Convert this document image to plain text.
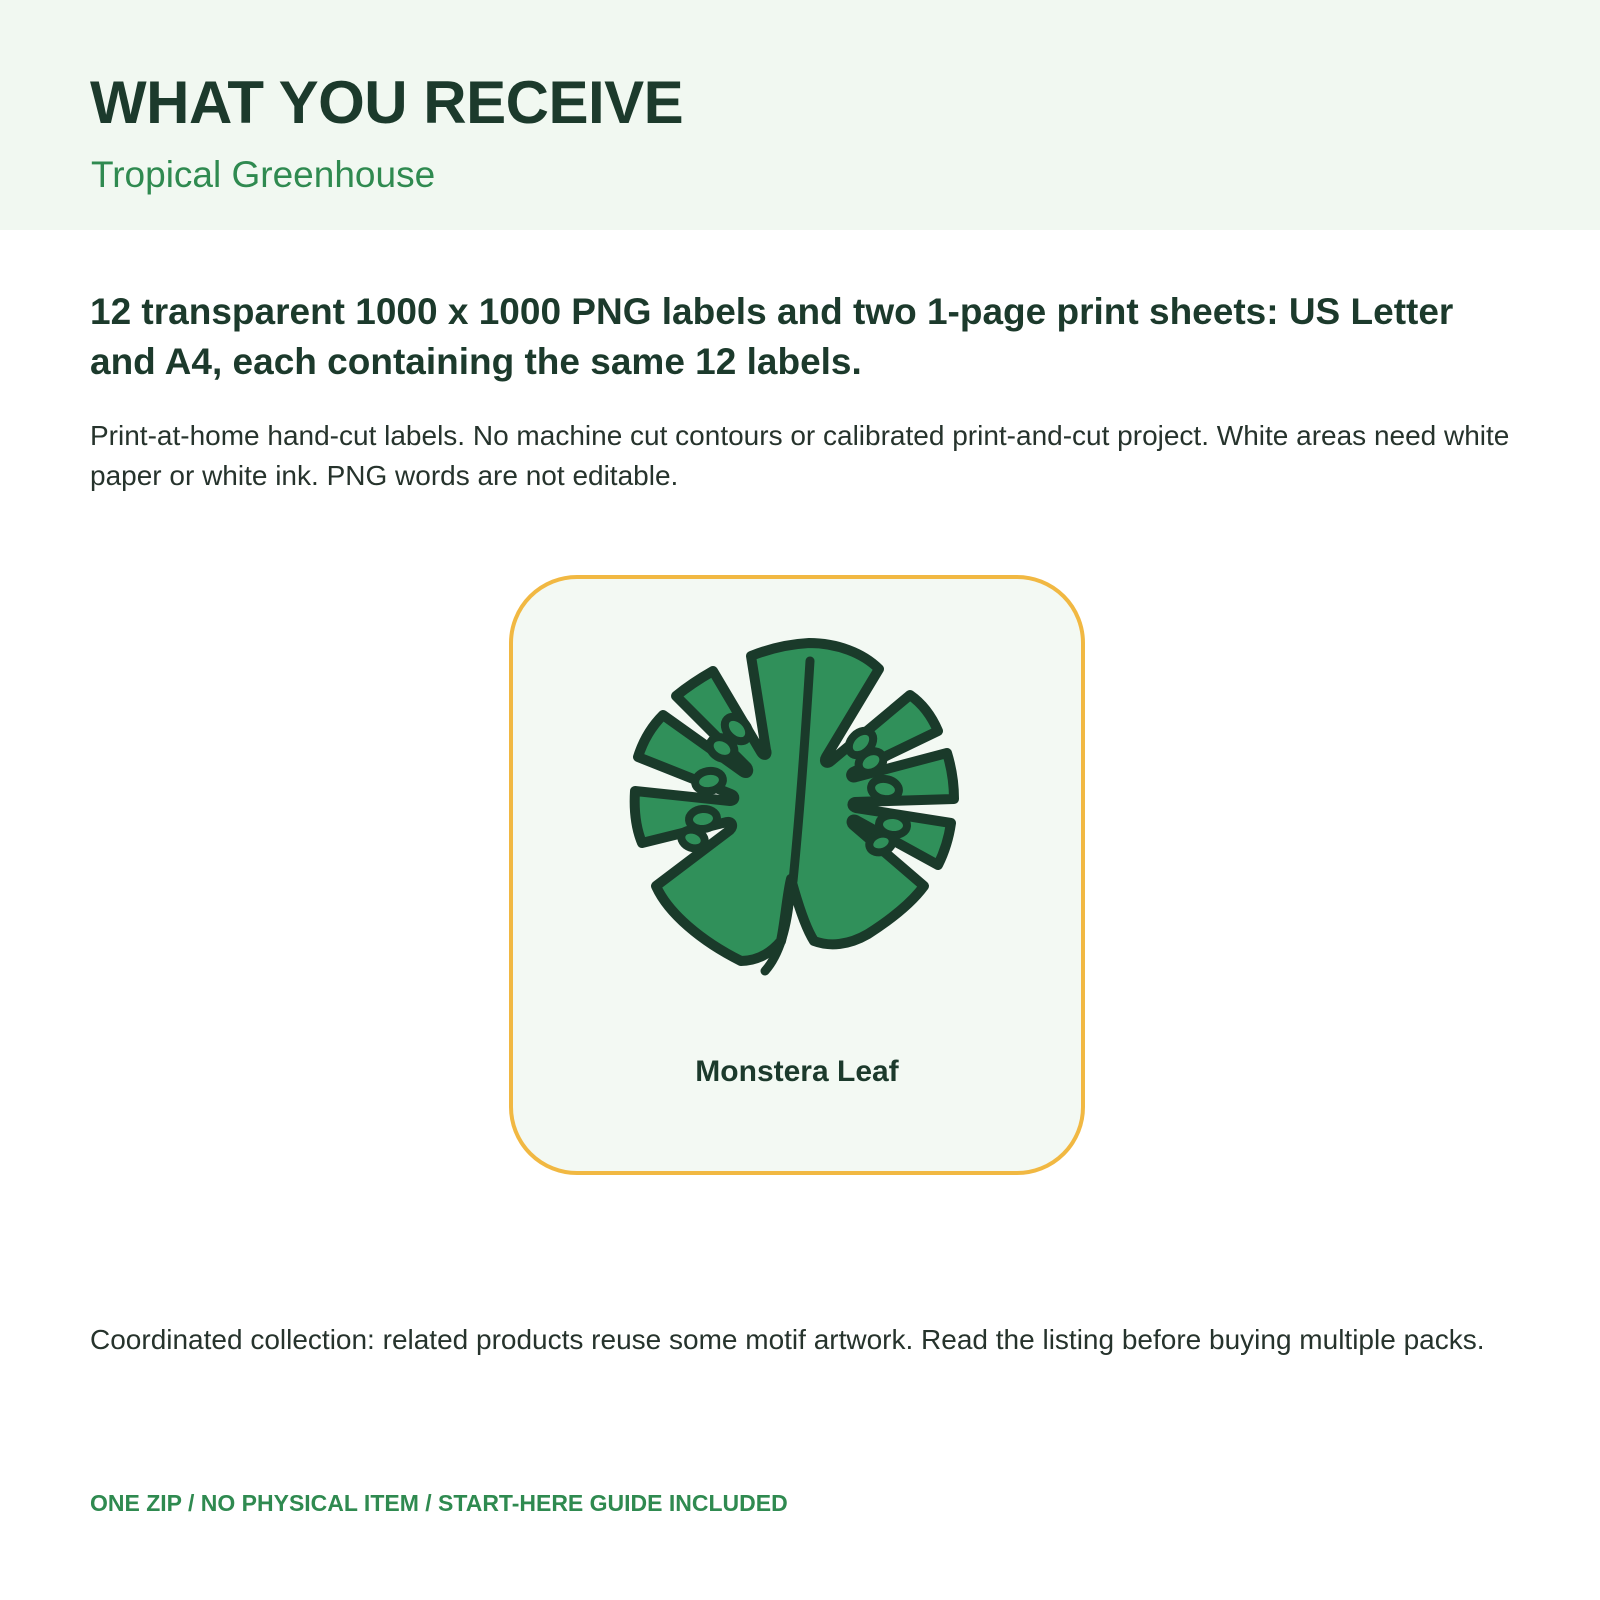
WHAT YOU RECEIVE

Tropical Greenhouse

12 transparent 1000 x 1000 PNG labels and two 1-page print sheets: US Letter and A4, each containing the same 12 labels.

Print-at-home hand-cut labels. No machine cut contours or calibrated print-and-cut project. White areas need white paper or white ink. PNG words are not editable.

Monstera Leaf

Coordinated collection: related products reuse some motif artwork. Read the listing before buying multiple packs.

ONE ZIP / NO PHYSICAL ITEM / START-HERE GUIDE INCLUDED
